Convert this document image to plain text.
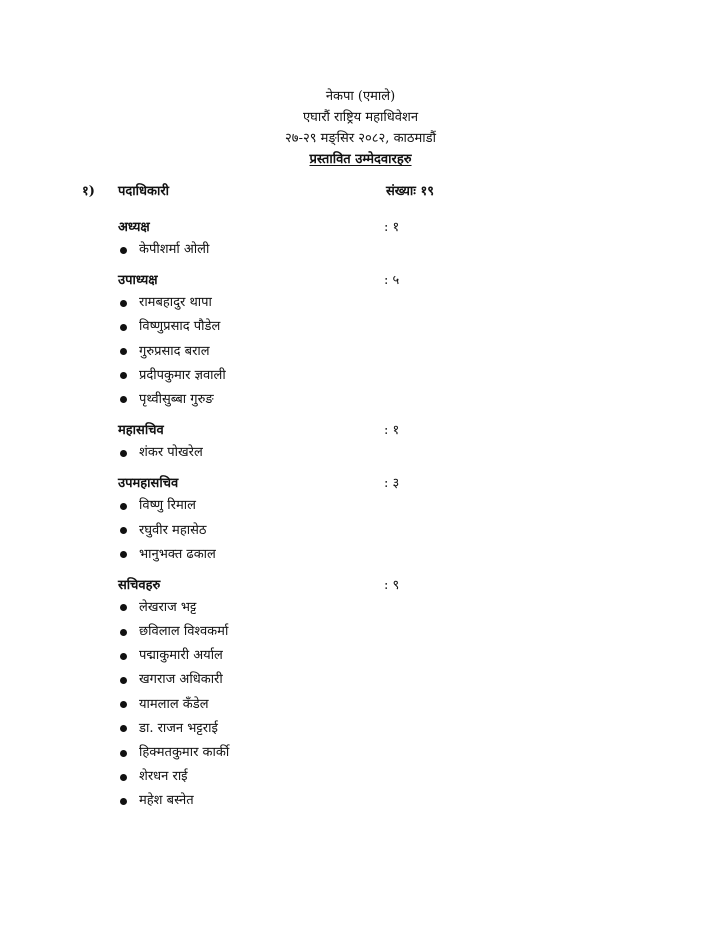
नेकपा (एमाले)
एघारौं राष्ट्रिय महाधिवेशन
२७-२९ मङ्सिर २०८२, काठमाडौं
प्रस्तावित उम्मेदवारहरु
१) पदाधिकारी	संख्याः १९
अध्यक्ष	: १
केपीशर्मा ओली
उपाध्यक्ष	: ५
रामबहादुर थापा
विष्णुप्रसाद पौडेल
गुरुप्रसाद बराल
प्रदीपकुमार ज्ञवाली
पृथ्वीसुब्बा गुरुङ
महासचिव	: १
शंकर पोखरेल
उपमहासचिव	: ३
विष्णु रिमाल
रघुवीर महासेठ
भानुभक्त ढकाल
सचिवहरु	: ९
लेखराज भट्ट
छविलाल विश्वकर्मा
पद्माकुमारी अर्याल
खगराज अधिकारी
यामलाल कँडेल
डा. राजन भट्टराई
हिक्मतकुमार कार्की
शेरधन राई
महेश बस्नेत
